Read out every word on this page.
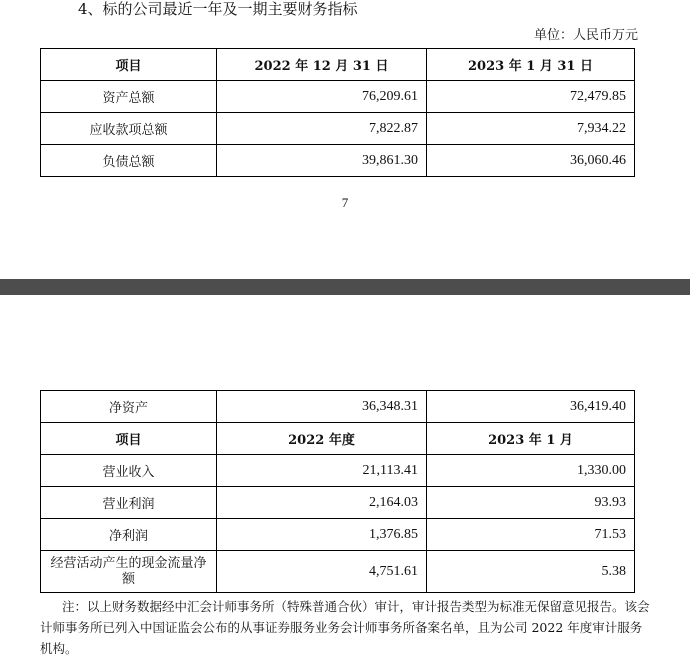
4、标的公司最近一年及一期主要财务指标
单位：人民币万元
项目	2022 年 12 月 31 日	2023 年 1 月 31 日
资产总额	76,209.61	72,479.85
应收款项总额	7,822.87	7,934.22
负债总额	39,861.30	36,060.46
7
净资产	36,348.31	36,419.40
项目	2022 年度	2023 年 1 月
营业收入	21,113.41	1,330.00
营业利润	2,164.03	93.93
净利润	1,376.85	71.53
经营活动产生的现金流量净额	4,751.61	5.38
注：以上财务数据经中汇会计师事务所（特殊普通合伙）审计，审计报告类型为标准无保留意见报告。该会计师事务所已列入中国证监会公布的从事证券服务业务会计师事务所备案名单，且为公司 2022 年度审计服务机构。
